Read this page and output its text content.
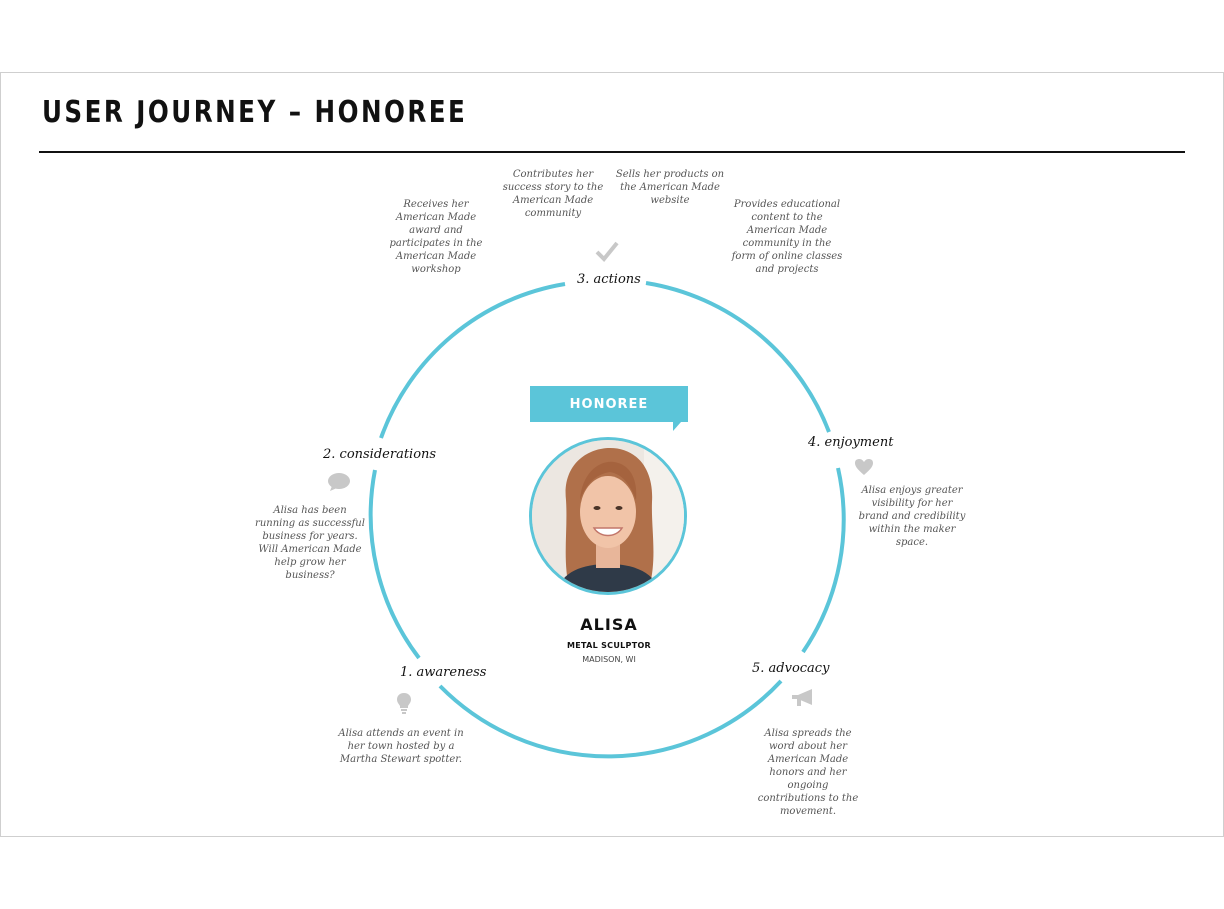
USER JOURNEY – HONOREE
3. actions
4. enjoyment
2. considerations
1. awareness	5. advocacy
Receives her
American Made
award and
participates in the
American Made
workshop
Contributes her
success story to the
American Made
community
Sells her products on
the American Made
website	Provides educational
content to the
American Made
community in the
form of online classes
and projects
Alisa enjoys greater
visibility for her
brand and credibility
within the maker
space.
Alisa has been
running as successful
business for years.
Will American Made
help grow her
business?
Alisa attends an event in
her town hosted by a
Martha Stewart spotter.
Alisa spreads the
word about her
American Made
honors and her
ongoing
contributions to the
movement.
HONOREE
ALISA
METAL SCULPTOR
MADISON, WI
